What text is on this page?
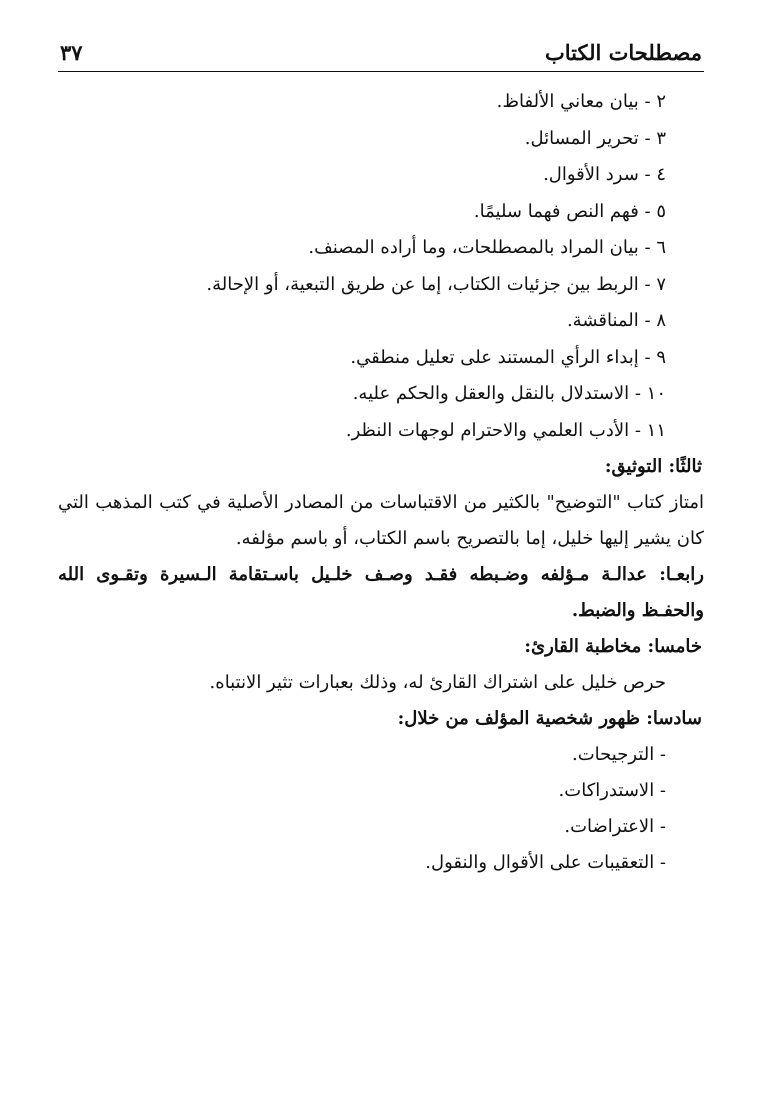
مصطلحات الكتاب
٣٧
٢ - بيان معاني الألفاظ.
٣ - تحرير المسائل.
٤ - سرد الأقوال.
٥ - فهم النص فهما سليمًا.
٦ - بيان المراد بالمصطلحات، وما أراده المصنف.
٧ - الربط بين جزئيات الكتاب، إما عن طريق التبعية، أو الإحالة.
٨ - المناقشة.
٩ - إبداء الرأي المستند على تعليل منطقي.
١٠ - الاستدلال بالنقل والعقل والحكم عليه.
١١ - الأدب العلمي والاحترام لوجهات النظر.

ثالثًا: التوثيق:

امتاز كتاب "التوضيح" بالكثير من الاقتباسات من المصادر الأصلية في كتب المذهب التي كان يشير إليها خليل، إما بالتصريح باسم الكتاب، أو باسم مؤلفه.

رابعـا: عدالـة مـؤلفه وضـبطه فقـد وصـف خلـيل باسـتقامة الـسيرة وتقـوى الله والحفـظ والضبط.

خامسا: مخاطبة القارئ:

حرص خليل على اشتراك القارئ له، وذلك بعبارات تثير الانتباه.

سادسا: ظهور شخصية المؤلف من خلال:

- الترجيحات.
- الاستدراكات.
- الاعتراضات.
- التعقيبات على الأقوال والنقول.
